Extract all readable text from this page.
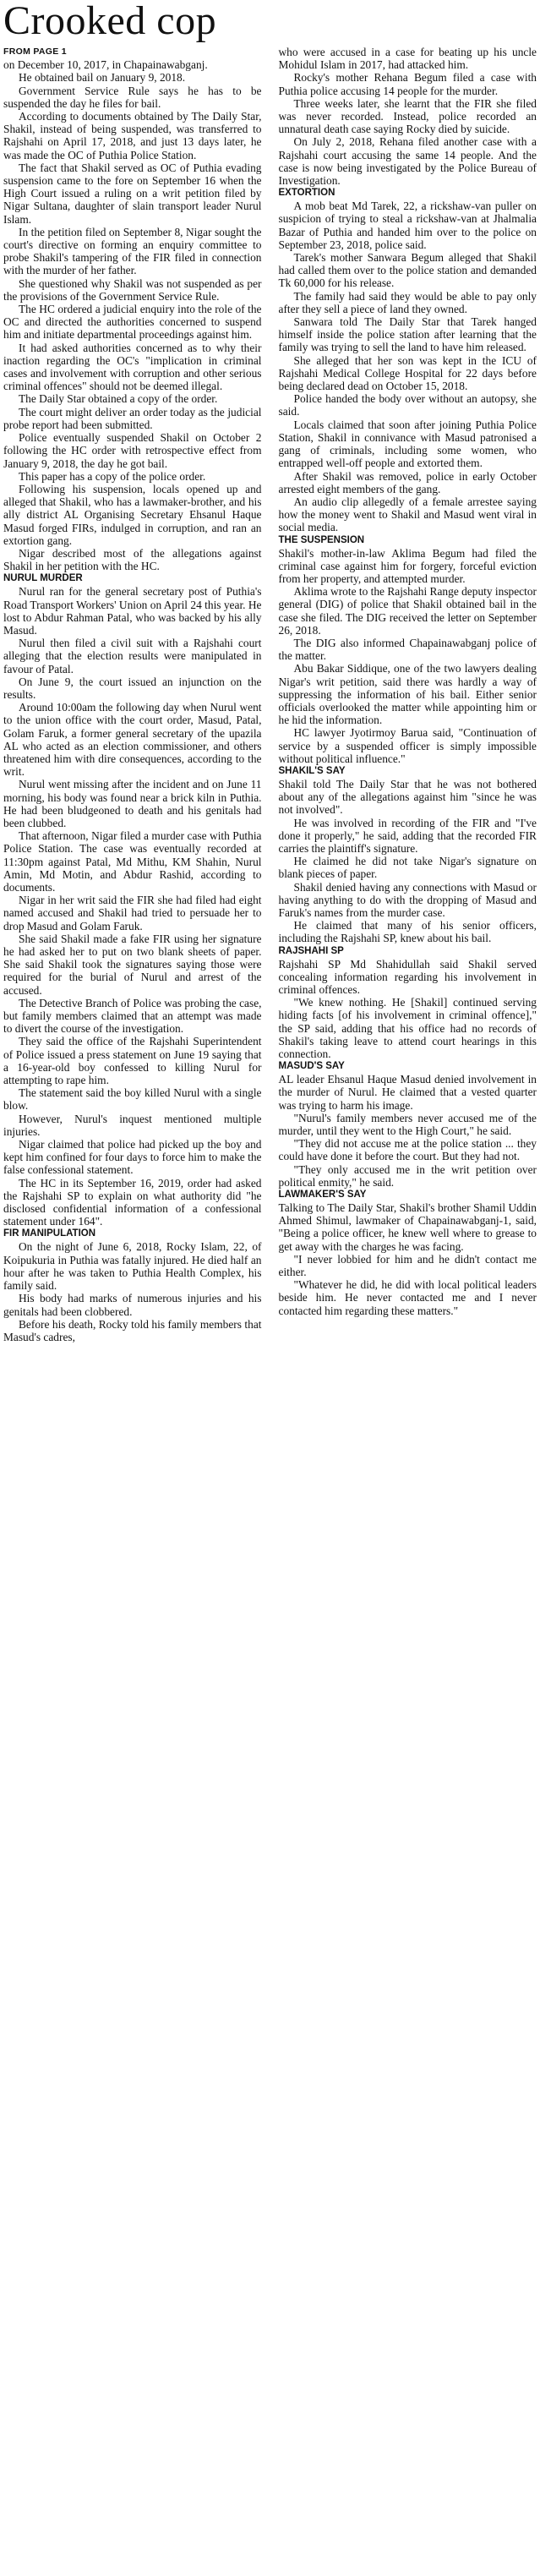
Crooked cop
FROM PAGE 1

on December 10, 2017, in Chapainawabganj.

He obtained bail on January 9, 2018.

Government Service Rule says he has to be suspended the day he files for bail.

According to documents obtained by The Daily Star, Shakil, instead of being suspended, was transferred to Rajshahi on April 17, 2018, and just 13 days later, he was made the OC of Puthia Police Station.

The fact that Shakil served as OC of Puthia evading suspension came to the fore on September 16 when the High Court issued a ruling on a writ petition filed by Nigar Sultana, daughter of slain transport leader Nurul Islam.

In the petition filed on September 8, Nigar sought the court's directive on forming an enquiry committee to probe Shakil's tampering of the FIR filed in connection with the murder of her father.

She questioned why Shakil was not suspended as per the provisions of the Government Service Rule.

The HC ordered a judicial enquiry into the role of the OC and directed the authorities concerned to suspend him and initiate departmental proceedings against him.

It had asked authorities concerned as to why their inaction regarding the OC's "implication in criminal cases and involvement with corruption and other serious criminal offences" should not be deemed illegal.

The Daily Star obtained a copy of the order.

The court might deliver an order today as the judicial probe report had been submitted.

Police eventually suspended Shakil on October 2 following the HC order with retrospective effect from January 9, 2018, the day he got bail.

This paper has a copy of the police order.

Following his suspension, locals opened up and alleged that Shakil, who has a lawmaker-brother, and his ally district AL Organising Secretary Ehsanul Haque Masud forged FIRs, indulged in corruption, and ran an extortion gang.

Nigar described most of the allegations against Shakil in her petition with the HC.

NURUL MURDER

Nurul ran for the general secretary post of Puthia's Road Transport Workers' Union on April 24 this year. He lost to Abdur Rahman Patal, who was backed by his ally Masud.

Nurul then filed a civil suit with a Rajshahi court alleging that the election results were manipulated in favour of Patal.

On June 9, the court issued an injunction on the results.

Around 10:00am the following day when Nurul went to the union office with the court order, Masud, Patal, Golam Faruk, a former general secretary of the upazila AL who acted as an election commissioner, and others threatened him with dire consequences, according to the writ.

Nurul went missing after the incident and on June 11 morning, his body was found near a brick kiln in Puthia. He had been bludgeoned to death and his genitals had been clubbed.

That afternoon, Nigar filed a murder case with Puthia Police Station. The case was eventually recorded at 11:30pm against Patal, Md Mithu, KM Shahin, Nurul Amin, Md Motin, and Abdur Rashid, according to documents.

Nigar in her writ said the FIR she had filed had eight named accused and Shakil had tried to persuade her to drop Masud and Golam Faruk.

She said Shakil made a fake FIR using her signature he had asked her to put on two blank sheets of paper. She said Shakil took the signatures saying those were required for the burial of Nurul and arrest of the accused.

The Detective Branch of Police was probing the case, but family members claimed that an attempt was made to divert the course of the investigation.

They said the office of the Rajshahi Superintendent of Police issued a press statement on June 19 saying that a 16-year-old boy confessed to killing Nurul for attempting to rape him.

The statement said the boy killed Nurul with a single blow.

However, Nurul's inquest mentioned multiple injuries.

Nigar claimed that police had picked up the boy and kept him confined for four days to force him to make the false confessional statement.

The HC in its September 16, 2019, order had asked the Rajshahi SP to explain on what authority did "he disclosed confidential information of a confessional statement under 164".

FIR MANIPULATION

On the night of June 6, 2018, Rocky Islam, 22, of Koipukuria in Puthia was fatally injured. He died half an hour after he was taken to Puthia Health Complex, his family said.

His body had marks of numerous injuries and his genitals had been clobbered.

Before his death, Rocky told his family members that Masud's cadres,

who were accused in a case for beating up his uncle Mohidul Islam in 2017, had attacked him.

Rocky's mother Rehana Begum filed a case with Puthia police accusing 14 people for the murder.

Three weeks later, she learnt that the FIR she filed was never recorded. Instead, police recorded an unnatural death case saying Rocky died by suicide.

On July 2, 2018, Rehana filed another case with a Rajshahi court accusing the same 14 people. And the case is now being investigated by the Police Bureau of Investigation.

EXTORTION

A mob beat Md Tarek, 22, a rickshaw-van puller on suspicion of trying to steal a rickshaw-van at Jhalmalia Bazar of Puthia and handed him over to the police on September 23, 2018, police said.

Tarek's mother Sanwara Begum alleged that Shakil had called them over to the police station and demanded Tk 60,000 for his release.

The family had said they would be able to pay only after they sell a piece of land they owned.

Sanwara told The Daily Star that Tarek hanged himself inside the police station after learning that the family was trying to sell the land to have him released.

She alleged that her son was kept in the ICU of Rajshahi Medical College Hospital for 22 days before being declared dead on October 15, 2018.

Police handed the body over without an autopsy, she said.

Locals claimed that soon after joining Puthia Police Station, Shakil in connivance with Masud patronised a gang of criminals, including some women, who entrapped well-off people and extorted them.

After Shakil was removed, police in early October arrested eight members of the gang.

An audio clip allegedly of a female arrestee saying how the money went to Shakil and Masud went viral in social media.

THE SUSPENSION

Shakil's mother-in-law Aklima Begum had filed the criminal case against him for forgery, forceful eviction from her property, and attempted murder.

Aklima wrote to the Rajshahi Range deputy inspector general (DIG) of police that Shakil obtained bail in the case she filed. The DIG received the letter on September 26, 2018.

The DIG also informed Chapainawabganj police of the matter.

Abu Bakar Siddique, one of the two lawyers dealing Nigar's writ petition, said there was hardly a way of suppressing the information of his bail. Either senior officials overlooked the matter while appointing him or he hid the information.

HC lawyer Jyotirmoy Barua said, "Continuation of service by a suspended officer is simply impossible without political influence."

SHAKIL'S SAY

Shakil told The Daily Star that he was not bothered about any of the allegations against him "since he was not involved".

He was involved in recording of the FIR and "I've done it properly," he said, adding that the recorded FIR carries the plaintiff's signature.

He claimed he did not take Nigar's signature on blank pieces of paper.

Shakil denied having any connections with Masud or having anything to do with the dropping of Masud and Faruk's names from the murder case.

He claimed that many of his senior officers, including the Rajshahi SP, knew about his bail.

RAJSHAHI SP

Rajshahi SP Md Shahidullah said Shakil served concealing information regarding his involvement in criminal offences.

"We knew nothing. He [Shakil] continued serving hiding facts [of his involvement in criminal offence]," the SP said, adding that his office had no records of Shakil's taking leave to attend court hearings in this connection.

MASUD'S SAY

AL leader Ehsanul Haque Masud denied involvement in the murder of Nurul. He claimed that a vested quarter was trying to harm his image.

"Nurul's family members never accused me of the murder, until they went to the High Court," he said.

"They did not accuse me at the police station ... they could have done it before the court. But they had not.

"They only accused me in the writ petition over political enmity," he said.

LAWMAKER'S SAY

Talking to The Daily Star, Shakil's brother Shamil Uddin Ahmed Shimul, lawmaker of Chapainawabganj-1, said, "Being a police officer, he knew well where to grease to get away with the charges he was facing.

"I never lobbied for him and he didn't contact me either.

"Whatever he did, he did with local political leaders beside him. He never contacted me and I never contacted him regarding these matters."
